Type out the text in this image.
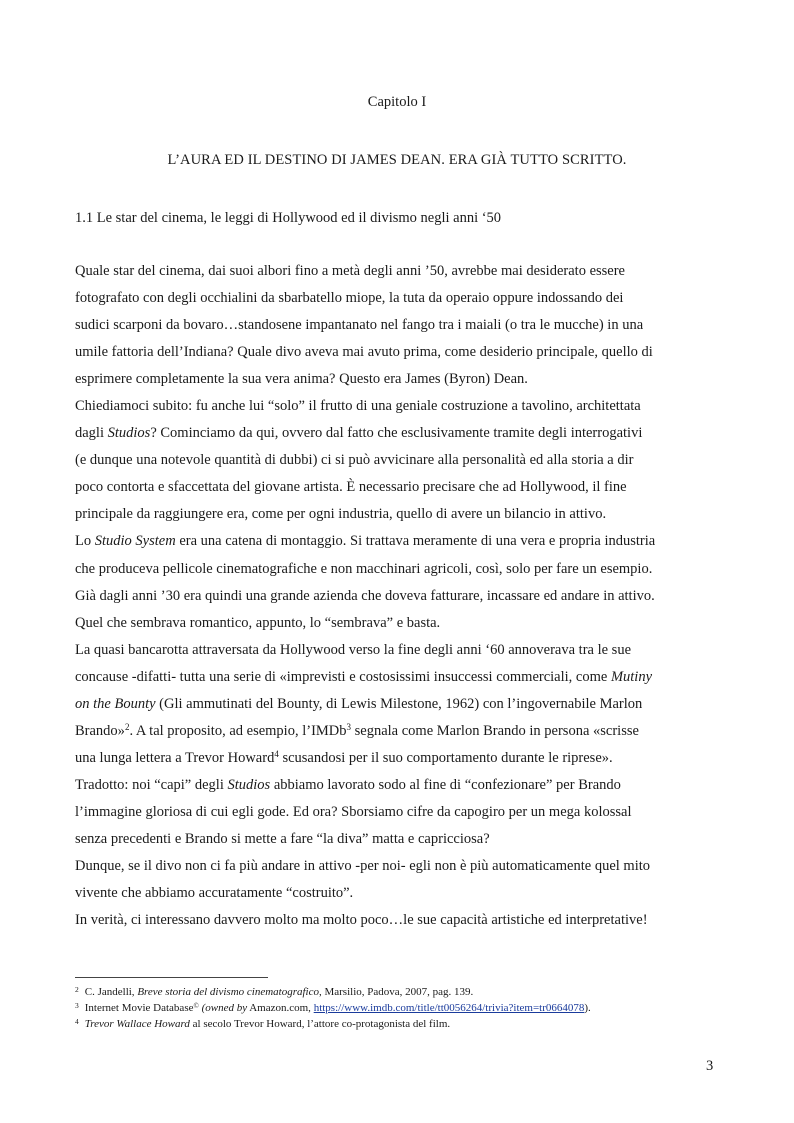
Capitolo I
L’AURA ED IL DESTINO DI JAMES DEAN. ERA GIÀ TUTTO SCRITTO.
1.1 Le star del cinema, le leggi di Hollywood ed il divismo negli anni ‘50
Quale star del cinema, dai suoi albori fino a metà degli anni ’50, avrebbe mai desiderato essere
fotografato con degli occhialini da sbarbatello miope, la tuta da operaio oppure indossando dei
sudici scarponi da bovaro…standosene impantanato nel fango tra i maiali (o tra le mucche) in una
umile fattoria dell’Indiana? Quale divo aveva mai avuto prima, come desiderio principale, quello di
esprimere completamente la sua vera anima? Questo era James (Byron) Dean.
Chiediamoci subito: fu anche lui “solo” il frutto di una geniale costruzione a tavolino, architettata
dagli Studios? Cominciamo da qui, ovvero dal fatto che esclusivamente tramite degli interrogativi
(e dunque una notevole quantità di dubbi) ci si può avvicinare alla personalità ed alla storia a dir
poco contorta e sfaccettata del giovane artista. È necessario precisare che ad Hollywood, il fine
principale da raggiungere era, come per ogni industria, quello di avere un bilancio in attivo.
Lo Studio System era una catena di montaggio. Si trattava meramente di una vera e propria industria
che produceva pellicole cinematografiche e non macchinari agricoli, così, solo per fare un esempio.
Già dagli anni ’30 era quindi una grande azienda che doveva fatturare, incassare ed andare in attivo.
Quel che sembrava romantico, appunto, lo “sembrava” e basta.
La quasi bancarotta attraversata da Hollywood verso la fine degli anni ‘60 annoverava tra le sue
concause -difatti- tutta una serie di «imprevisti e costosissimi insuccessi commerciali, come Mutiny
on the Bounty (Gli ammutinati del Bounty, di Lewis Milestone, 1962) con l’ingovernabile Marlon
Brando»$^2$. A tal proposito, ad esempio, l’IMDb$^3$ segnala come Marlon Brando in persona «scrisse
una lunga lettera a Trevor Howard$^4$ scusandosi per il suo comportamento durante le riprese».
Tradotto: noi “capi” degli Studios abbiamo lavorato sodo al fine di “confezionare” per Brando
l’immagine gloriosa di cui egli gode. Ed ora? Sborsiamo cifre da capogiro per un mega kolossal
senza precedenti e Brando si mette a fare “la diva” matta e capricciosa?
Dunque, se il divo non ci fa più andare in attivo -per noi- egli non è più automaticamente quel mito
vivente che abbiamo accuratamente “costruito”.
In verità, ci interessano davvero molto ma molto poco…le sue capacità artistiche ed interpretative!
$^2$ C. Jandelli, Breve storia del divismo cinematografico, Marsilio, Padova, 2007, pag. 139.
$^3$ Internet Movie Database© (owned by Amazon.com, https://www.imdb.com/title/tt0056264/trivia?item=tr0664078).
$^4$ Trevor Wallace Howard al secolo Trevor Howard, l’attore co-protagonista del film.
3
